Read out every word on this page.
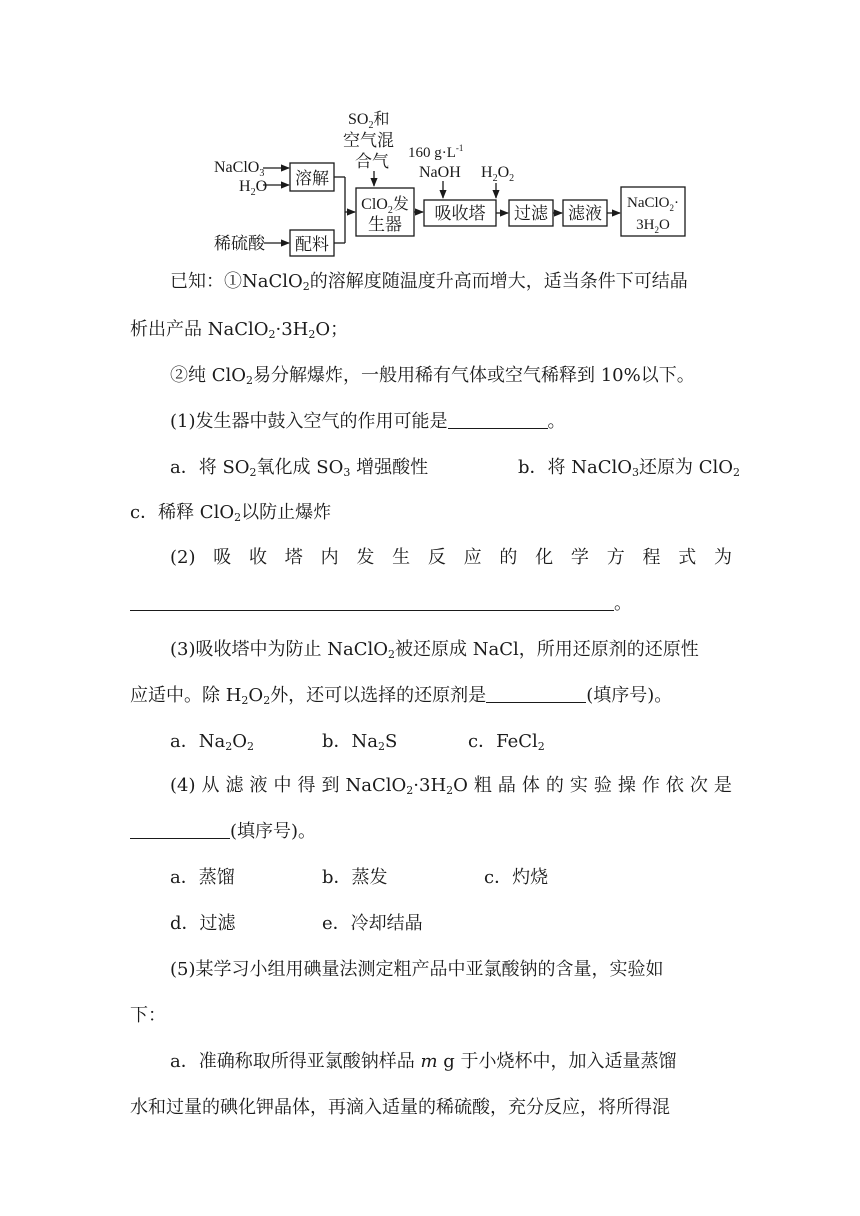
NaClO$_3$
$H_2O$
稀硫酸
溶解
配料
$SO_2$和
空气混
合气
ClO$_2$发
生器
160 $g\cdot L^{-1}$
NaOH $H_2O_2$
吸收塔 过滤 滤液
NaClO$_2$·
$3H_2O$
已知：①NaClO$_2$的溶解度随温度升高而增大，适当条件下可结晶
析出产品 $NaClO_2\cdot 3H_2O$；
②纯 ClO$_2$易分解爆炸，一般用稀有气体或空气稀释到 10%以下。
(1)发生器中鼓入空气的作用可能是	。
a．将 $SO_2$氧化成 $SO_3$ 增强酸性	b．将 NaClO$_3$还原为 ClO$_2$
c．稀释 ClO$_2$以防止爆炸
(2) 吸 收 塔 内 发 生 反 应 的 化 学 方 程 式 为
。
(3)吸收塔中为防止 NaClO$_2$被还原成 NaCl，所用还原剂的还原性
应适中。除 $H_2O_2$外，还可以选择的还原剂是	(填序号)。
a．$Na_2O_2$	b．$Na_2S$	c．FeCl$_2$
(4) 从 滤 液 中 得 到 $NaClO_2\cdot 3H_2O$ 粗 晶 体 的 实 验 操 作 依 次 是
(填序号)。
a．蒸馏	b．蒸发	c．灼烧
d．过滤	e．冷却结晶
(5)某学习小组用碘量法测定粗产品中亚氯酸钠的含量，实验如
下：
a．准确称取所得亚氯酸钠样品 m g 于小烧杯中，加入适量蒸馏
水和过量的碘化钾晶体，再滴入适量的稀硫酸，充分反应，将所得混
